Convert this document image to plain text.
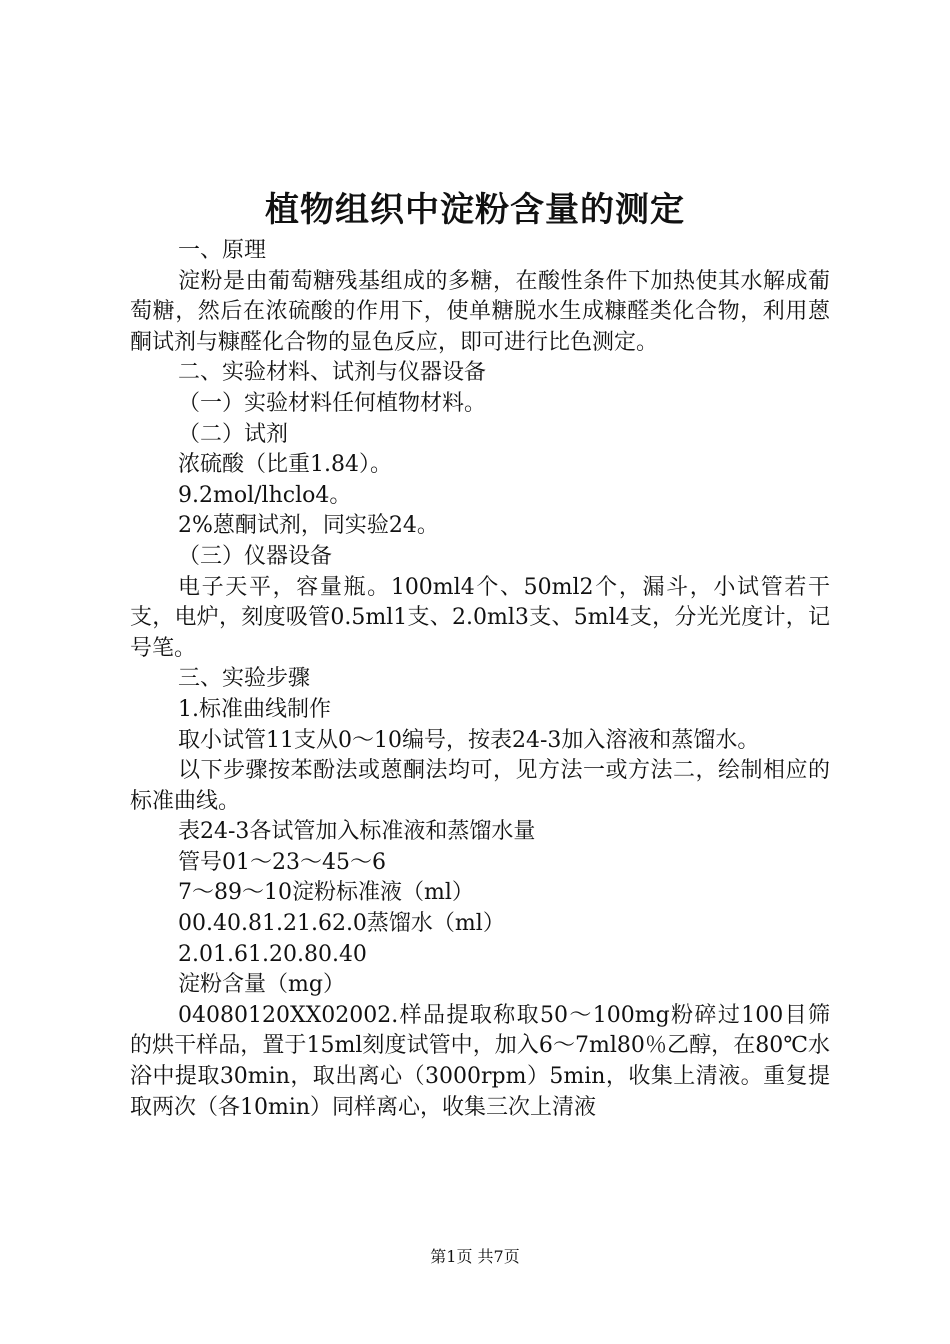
植物组织中淀粉含量的测定

一、原理

淀粉是由葡萄糖残基组成的多糖，在酸性条件下加热使其水解成葡萄糖，然后在浓硫酸的作用下，使单糖脱水生成糠醛类化合物，利用蒽酮试剂与糠醛化合物的显色反应，即可进行比色测定。

二、实验材料、试剂与仪器设备

（一）实验材料任何植物材料。

（二）试剂

浓硫酸（比重1.84）。

9.2mol/lhclo4。

2%蒽酮试剂，同实验24。

（三）仪器设备

电子天平，容量瓶。100ml4个、50ml2个，漏斗，小试管若干支，电炉，刻度吸管0.5ml1支、2.0ml3支、5ml4支，分光光度计，记号笔。

三、实验步骤

1.标准曲线制作

取小试管11支从0～10编号，按表24-3加入溶液和蒸馏水。

以下步骤按苯酚法或蒽酮法均可，见方法一或方法二，绘制相应的标准曲线。

表24-3各试管加入标准液和蒸馏水量

管号01～23～45～6

7～89～10淀粉标准液（ml）

00.40.81.21.62.0蒸馏水（ml）

2.01.61.20.80.40

淀粉含量（mg）

04080120XX02002.样品提取称取50～100mg粉碎过100目筛的烘干样品，置于15ml刻度试管中，加入6～7ml80％乙醇，在80℃水浴中提取30min，取出离心（3000rpm）5min，收集上清液。重复提取两次（各10min）同样离心，收集三次上清液

第1页 共7页
